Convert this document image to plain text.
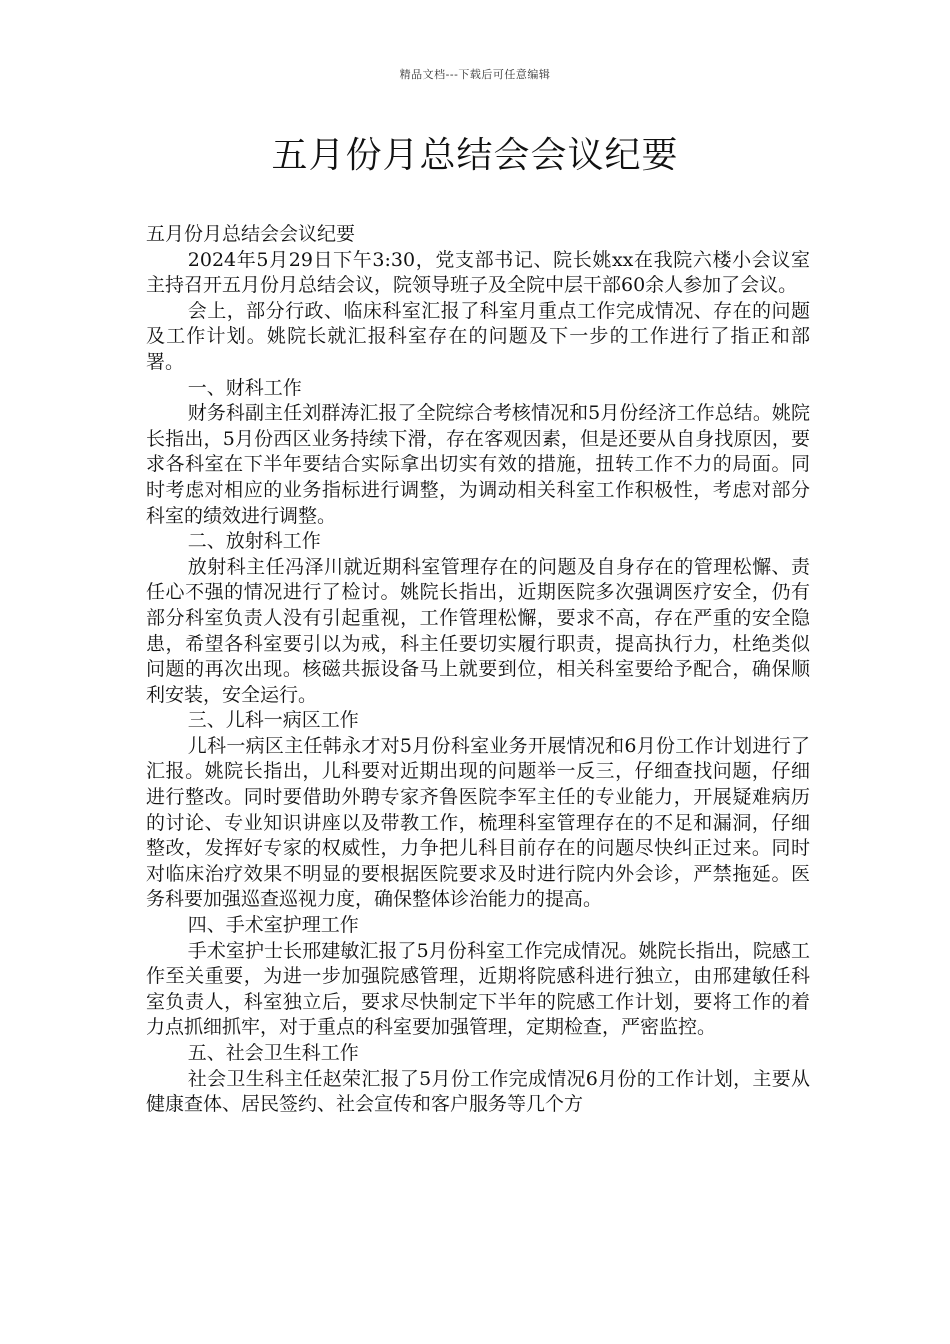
精品文档---下载后可任意编辑
五月份月总结会会议纪要

五月份月总结会会议纪要

2024年5月29日下午3:30，党支部书记、院长姚xx在我院六楼小会议室主持召开五月份月总结会议，院领导班子及全院中层干部60余人参加了会议。

会上，部分行政、临床科室汇报了科室月重点工作完成情况、存在的问题及工作计划。姚院长就汇报科室存在的问题及下一步的工作进行了指正和部署。

一、财科工作

财务科副主任刘群涛汇报了全院综合考核情况和5月份经济工作总结。姚院长指出，5月份西区业务持续下滑，存在客观因素，但是还要从自身找原因，要求各科室在下半年要结合实际拿出切实有效的措施，扭转工作不力的局面。同时考虑对相应的业务指标进行调整，为调动相关科室工作积极性，考虑对部分科室的绩效进行调整。

二、放射科工作

放射科主任冯泽川就近期科室管理存在的问题及自身存在的管理松懈、责任心不强的情况进行了检讨。姚院长指出，近期医院多次强调医疗安全，仍有部分科室负责人没有引起重视，工作管理松懈，要求不高，存在严重的安全隐患，希望各科室要引以为戒，科主任要切实履行职责，提高执行力，杜绝类似问题的再次出现。核磁共振设备马上就要到位，相关科室要给予配合，确保顺利安装，安全运行。

三、儿科一病区工作

儿科一病区主任韩永才对5月份科室业务开展情况和6月份工作计划进行了汇报。姚院长指出，儿科要对近期出现的问题举一反三，仔细查找问题，仔细进行整改。同时要借助外聘专家齐鲁医院李军主任的专业能力，开展疑难病历的讨论、专业知识讲座以及带教工作，梳理科室管理存在的不足和漏洞，仔细整改，发挥好专家的权威性，力争把儿科目前存在的问题尽快纠正过来。同时对临床治疗效果不明显的要根据医院要求及时进行院内外会诊，严禁拖延。医务科要加强巡查巡视力度，确保整体诊治能力的提高。

四、手术室护理工作

手术室护士长邢建敏汇报了5月份科室工作完成情况。姚院长指出，院感工作至关重要，为进一步加强院感管理，近期将院感科进行独立，由邢建敏任科室负责人，科室独立后，要求尽快制定下半年的院感工作计划，要将工作的着力点抓细抓牢，对于重点的科室要加强管理，定期检查，严密监控。

五、社会卫生科工作

社会卫生科主任赵荣汇报了5月份工作完成情况6月份的工作计划，主要从健康查体、居民签约、社会宣传和客户服务等几个方
